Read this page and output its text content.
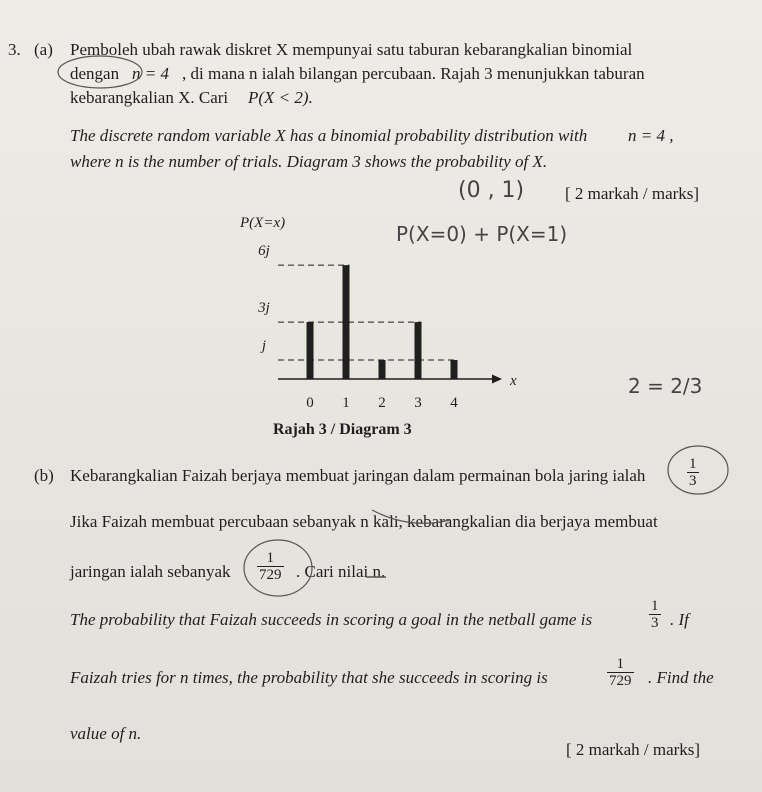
3. (a) Pemboleh ubah rawak diskret X mempunyai satu taburan kebarangkalian binomial
dengan n = 4 , di mana n ialah bilangan percubaan. Rajah 3 menunjukkan taburan
kebarangkalian X. Cari P(X < 2).
The discrete random variable X has a binomial probability distribution with n = 4 ,
where n is the number of trials. Diagram 3 shows the probability of X.
[ 2 markah / marks]
(0 , 1)
P(X=0) + P(X=1)
2 = 2/3
P(X=x)
6j
3j
j
0 1 2 3 4
x
Rajah 3 / Diagram 3
(b) Kebarangkalian Faizah berjaya membuat jaringan dalam permainan bola jaring ialah	$\frac{1}{3}$
Jika Faizah membuat percubaan sebanyak n kali, kebarangkalian dia berjaya membuat
jaringan ialah sebanyak $\frac{1}{729}$ . Cari nilai n.
The probability that Faizah succeeds in scoring a goal in the netball game is	$\frac{1}{3}$ . If
Faizah tries for n times, the probability that she succeeds in scoring is	$\frac{1}{729}$ . Find the
value of n.
[ 2 markah / marks]
